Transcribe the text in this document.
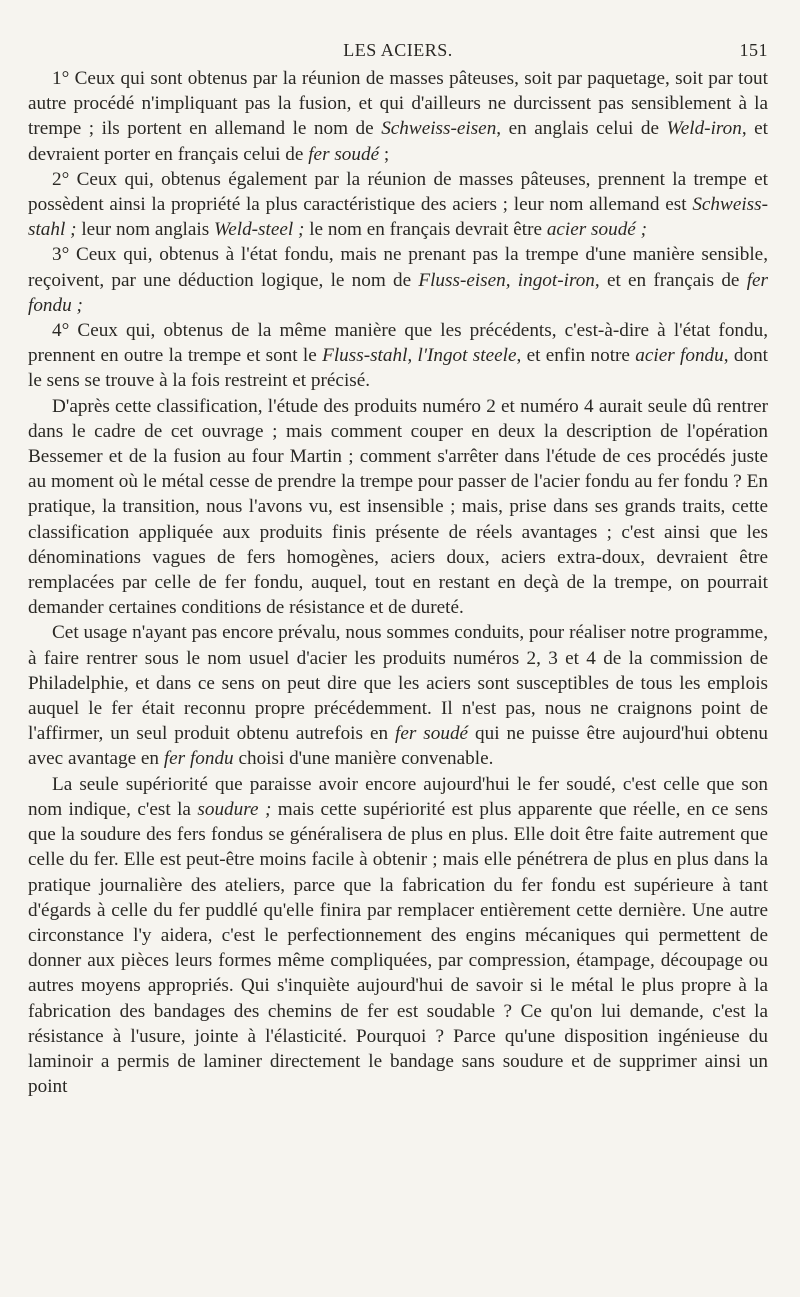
LES ACIERS.	151

1° Ceux qui sont obtenus par la réunion de masses pâteuses, soit par paquetage, soit par tout autre procédé n'impliquant pas la fusion, et qui d'ailleurs ne durcissent pas sensiblement à la trempe ; ils portent en allemand le nom de Schweiss-eisen, en anglais celui de Weld-iron, et devraient porter en français celui de fer soudé ;

2° Ceux qui, obtenus également par la réunion de masses pâteuses, prennent la trempe et possèdent ainsi la propriété la plus caractéristique des aciers ; leur nom allemand est Schweiss-stahl ; leur nom anglais Weld-steel ; le nom en français devrait être acier soudé ;

3° Ceux qui, obtenus à l'état fondu, mais ne prenant pas la trempe d'une manière sensible, reçoivent, par une déduction logique, le nom de Fluss-eisen, ingot-iron, et en français de fer fondu ;

4° Ceux qui, obtenus de la même manière que les précédents, c'est-à-dire à l'état fondu, prennent en outre la trempe et sont le Fluss-stahl, l'Ingot steele, et enfin notre acier fondu, dont le sens se trouve à la fois restreint et précisé.

D'après cette classification, l'étude des produits numéro 2 et numéro 4 aurait seule dû rentrer dans le cadre de cet ouvrage ; mais comment couper en deux la description de l'opération Bessemer et de la fusion au four Martin ; comment s'arrêter dans l'étude de ces procédés juste au moment où le métal cesse de prendre la trempe pour passer de l'acier fondu au fer fondu ? En pratique, la transition, nous l'avons vu, est insensible ; mais, prise dans ses grands traits, cette classification appliquée aux produits finis présente de réels avantages ; c'est ainsi que les dénominations vagues de fers homogènes, aciers doux, aciers extra-doux, devraient être remplacées par celle de fer fondu, auquel, tout en restant en deçà de la trempe, on pourrait demander certaines conditions de résistance et de dureté.

Cet usage n'ayant pas encore prévalu, nous sommes conduits, pour réaliser notre programme, à faire rentrer sous le nom usuel d'acier les produits numéros 2, 3 et 4 de la commission de Philadelphie, et dans ce sens on peut dire que les aciers sont susceptibles de tous les emplois auquel le fer était reconnu propre précédemment. Il n'est pas, nous ne craignons point de l'affirmer, un seul produit obtenu autrefois en fer soudé qui ne puisse être aujourd'hui obtenu avec avantage en fer fondu choisi d'une manière convenable.

La seule supériorité que paraisse avoir encore aujourd'hui le fer soudé, c'est celle que son nom indique, c'est la soudure ; mais cette supériorité est plus apparente que réelle, en ce sens que la soudure des fers fondus se généralisera de plus en plus. Elle doit être faite autrement que celle du fer. Elle est peut-être moins facile à obtenir ; mais elle pénétrera de plus en plus dans la pratique journalière des ateliers, parce que la fabrication du fer fondu est supérieure à tant d'égards à celle du fer puddlé qu'elle finira par remplacer entièrement cette dernière. Une autre circonstance l'y aidera, c'est le perfectionnement des engins mécaniques qui permettent de donner aux pièces leurs formes même compliquées, par compression, étampage, découpage ou autres moyens appropriés. Qui s'inquiète aujourd'hui de savoir si le métal le plus propre à la fabrication des bandages des chemins de fer est soudable ? Ce qu'on lui demande, c'est la résistance à l'usure, jointe à l'élasticité. Pourquoi ? Parce qu'une disposition ingénieuse du laminoir a permis de laminer directement le bandage sans soudure et de supprimer ainsi un point
